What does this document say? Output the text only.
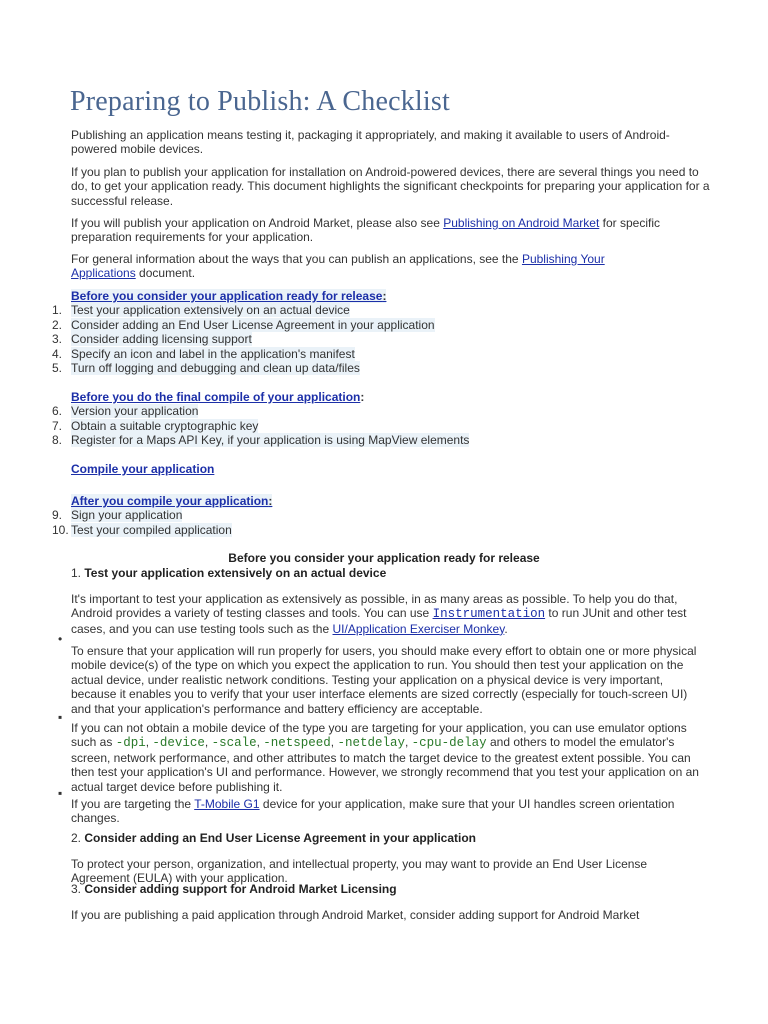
Preparing to Publish: A Checklist

Publishing an application means testing it, packaging it appropriately, and making it available to users of Android-powered mobile devices.

If you plan to publish your application for installation on Android-powered devices, there are several things you need to do, to get your application ready. This document highlights the significant checkpoints for preparing your application for a successful release.

If you will publish your application on Android Market, please also see Publishing on Android Market for specific preparation requirements for your application.

For general information about the ways that you can publish an applications, see the Publishing Your
Applications document.

Before you consider your application ready for release:
1. Test your application extensively on an actual device
2. Consider adding an End User License Agreement in your application
3. Consider adding licensing support
4. Specify an icon and label in the application's manifest
5. Turn off logging and debugging and clean up data/files
Before you do the final compile of your application:
6. Version your application
7. Obtain a suitable cryptographic key
8. Register for a Maps API Key, if your application is using MapView elements
Compile your application
After you compile your application:
9. Sign your application
10. Test your compiled application
Before you consider your application ready for release
1. Test your application extensively on an actual device

It's important to test your application as extensively as possible, in as many areas as possible. To help you do that, Android provides a variety of testing classes and tools. You can use Instrumentation to run JUnit and other test cases, and you can use testing tools such as the UI/Application Exerciser Monkey.

•

To ensure that your application will run properly for users, you should make every effort to obtain one or more physical mobile device(s) of the type on which you expect the application to run. You should then test your application on the actual device, under realistic network conditions. Testing your application on a physical device is very important, because it enables you to verify that your user interface elements are sized correctly (especially for touch-screen UI) and that your application's performance and battery efficiency are acceptable.

▪

If you can not obtain a mobile device of the type you are targeting for your application, you can use emulator options such as -dpi, -device, -scale, -netspeed, -netdelay, -cpu-delay and others to model the emulator's screen, network performance, and other attributes to match the target device to the greatest extent possible. You can then test your application's UI and performance. However, we strongly recommend that you test your application on an actual target device before publishing it.

▪

If you are targeting the T-Mobile G1 device for your application, make sure that your UI handles screen orientation changes.

2. Consider adding an End User License Agreement in your application

To protect your person, organization, and intellectual property, you may want to provide an End User License Agreement (EULA) with your application.

3. Consider adding support for Android Market Licensing

If you are publishing a paid application through Android Market, consider adding support for Android Market
